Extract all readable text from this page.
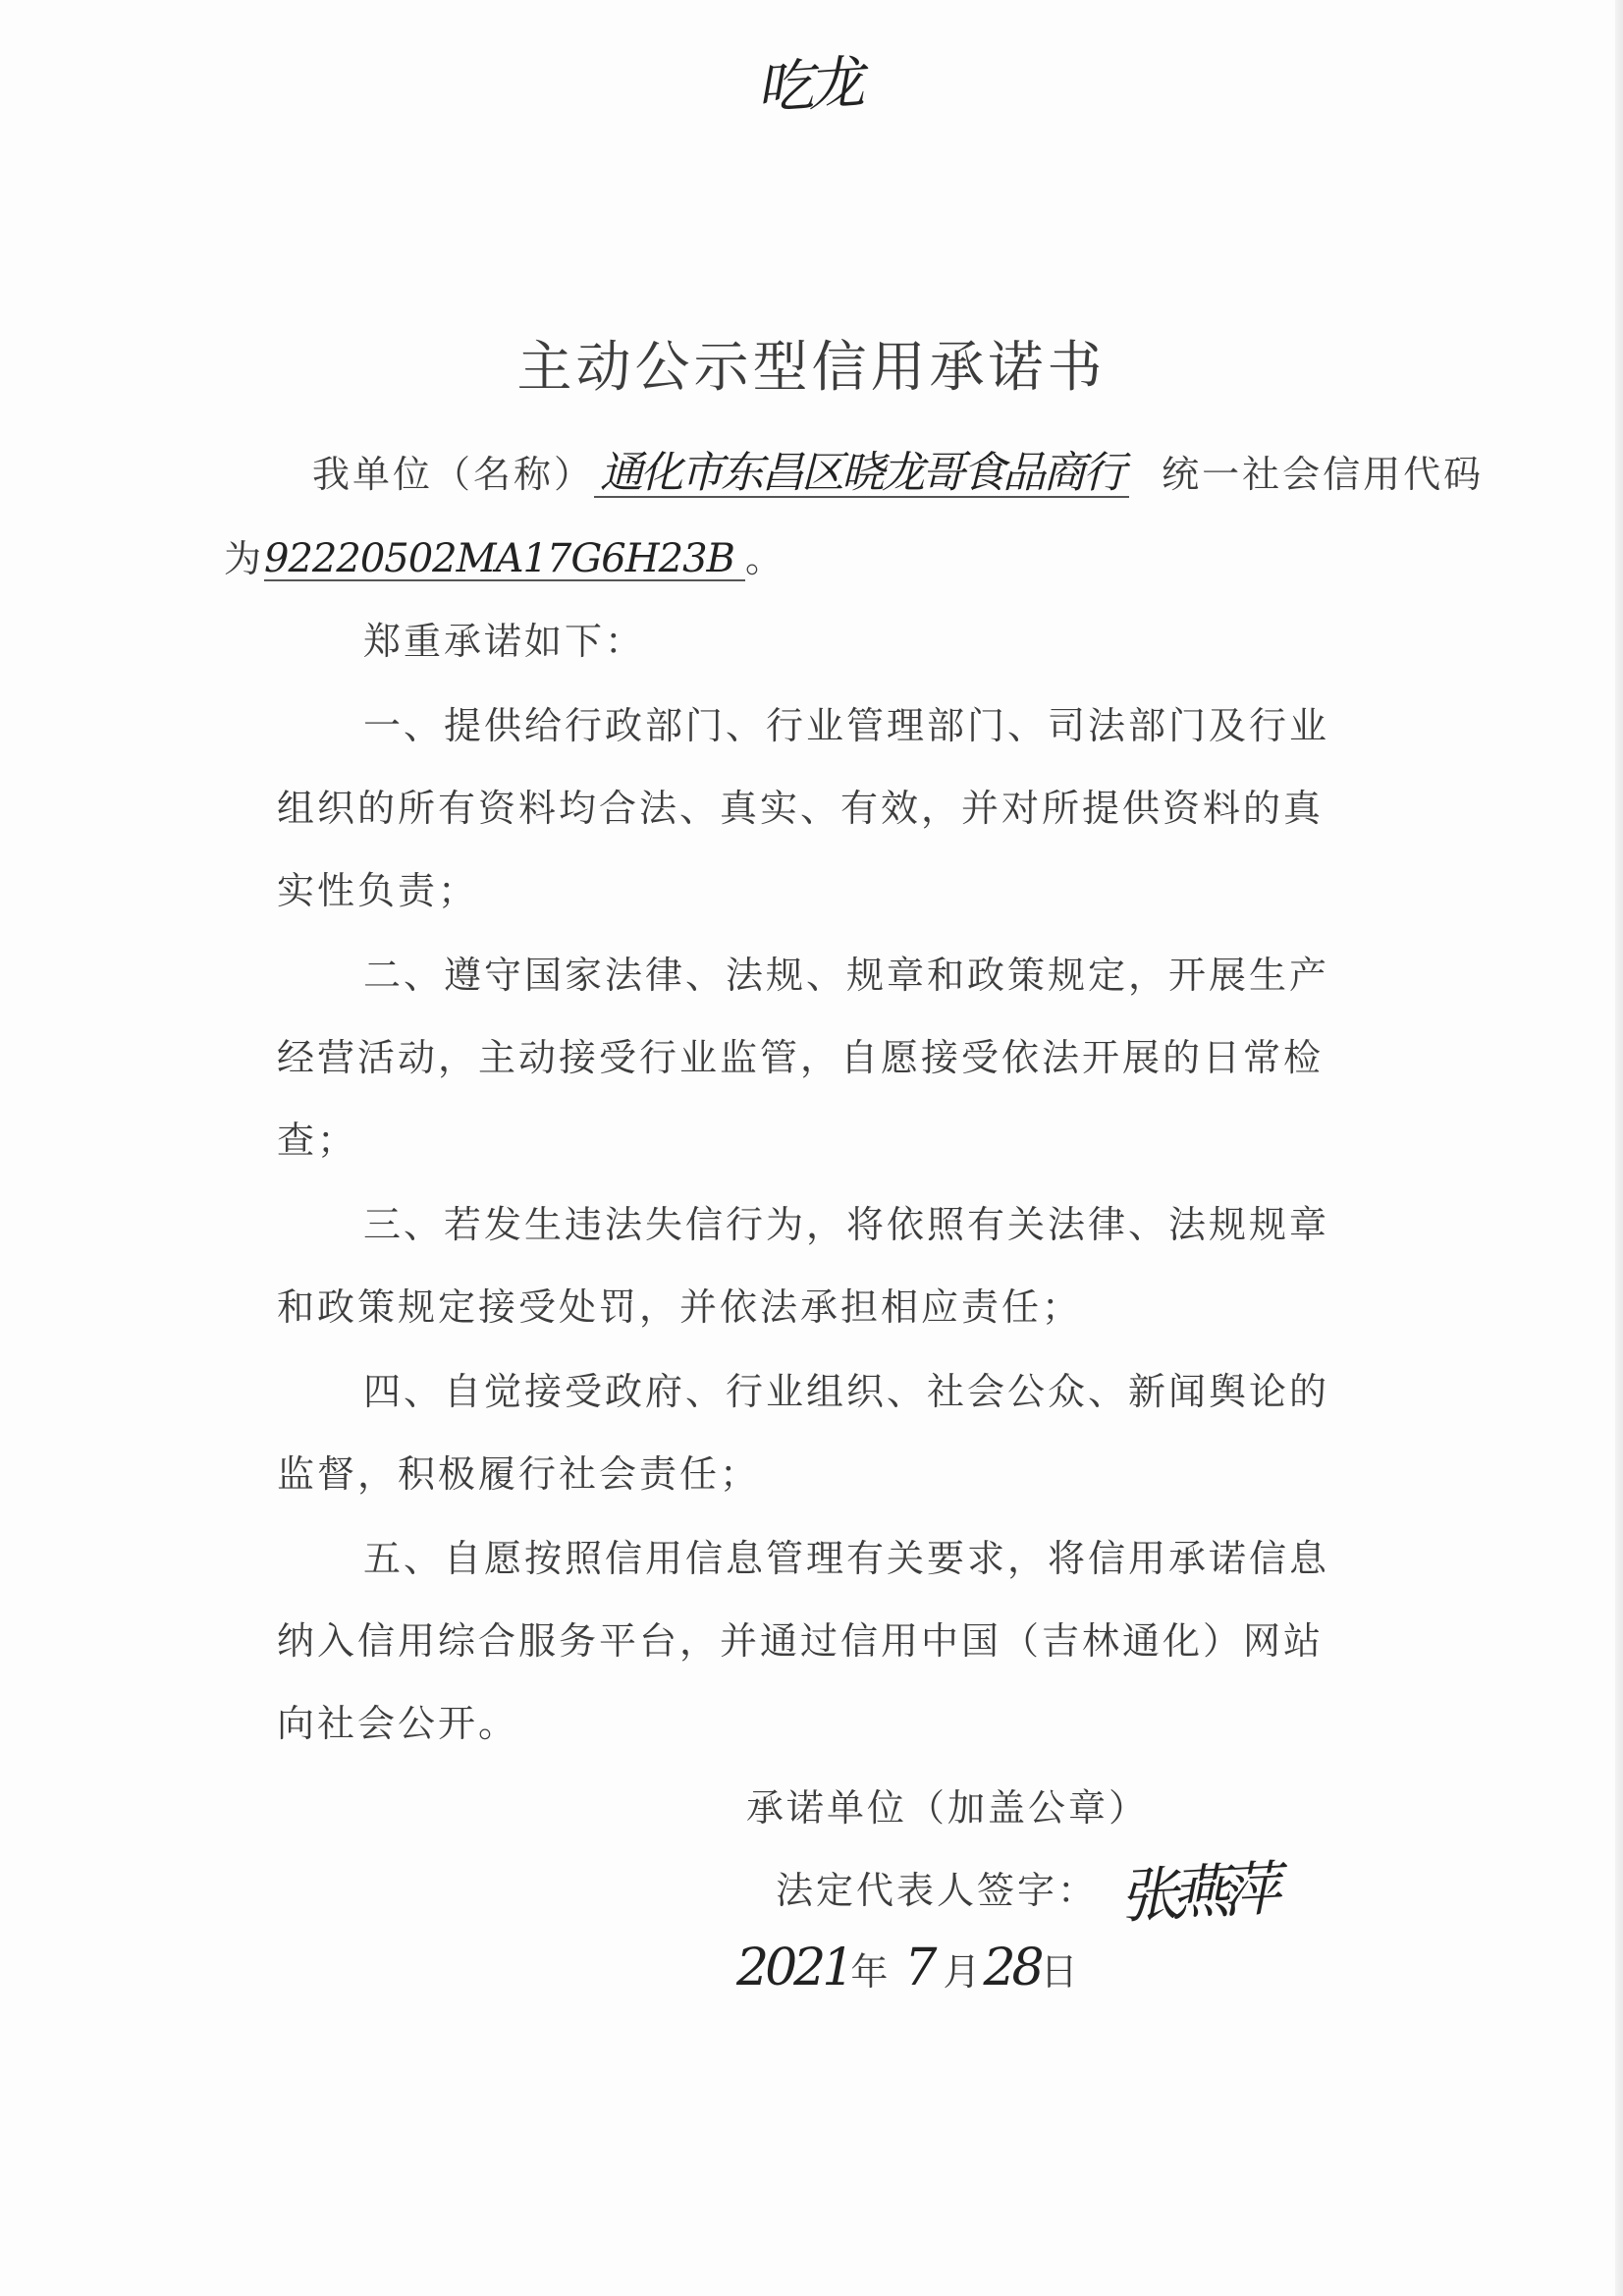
吃龙
主动公示型信用承诺书
我单位（名称） 通化市东昌区晓龙哥食品商行 统一社会信用代码
为92220502MA17G6H23B 。
郑重承诺如下：
一、提供给行政部门、行业管理部门、司法部门及行业
组织的所有资料均合法、真实、有效，并对所提供资料的真
实性负责；
二、遵守国家法律、法规、规章和政策规定，开展生产
经营活动，主动接受行业监管，自愿接受依法开展的日常检
查；
三、若发生违法失信行为，将依照有关法律、法规规章
和政策规定接受处罚，并依法承担相应责任；
四、自觉接受政府、行业组织、社会公众、新闻舆论的
监督，积极履行社会责任；
五、自愿按照信用信息管理有关要求，将信用承诺信息
纳入信用综合服务平台，并通过信用中国（吉林通化）网站
向社会公开。
承诺单位（加盖公章）
法定代表人签字： 张燕萍
2021年 7 月28日
